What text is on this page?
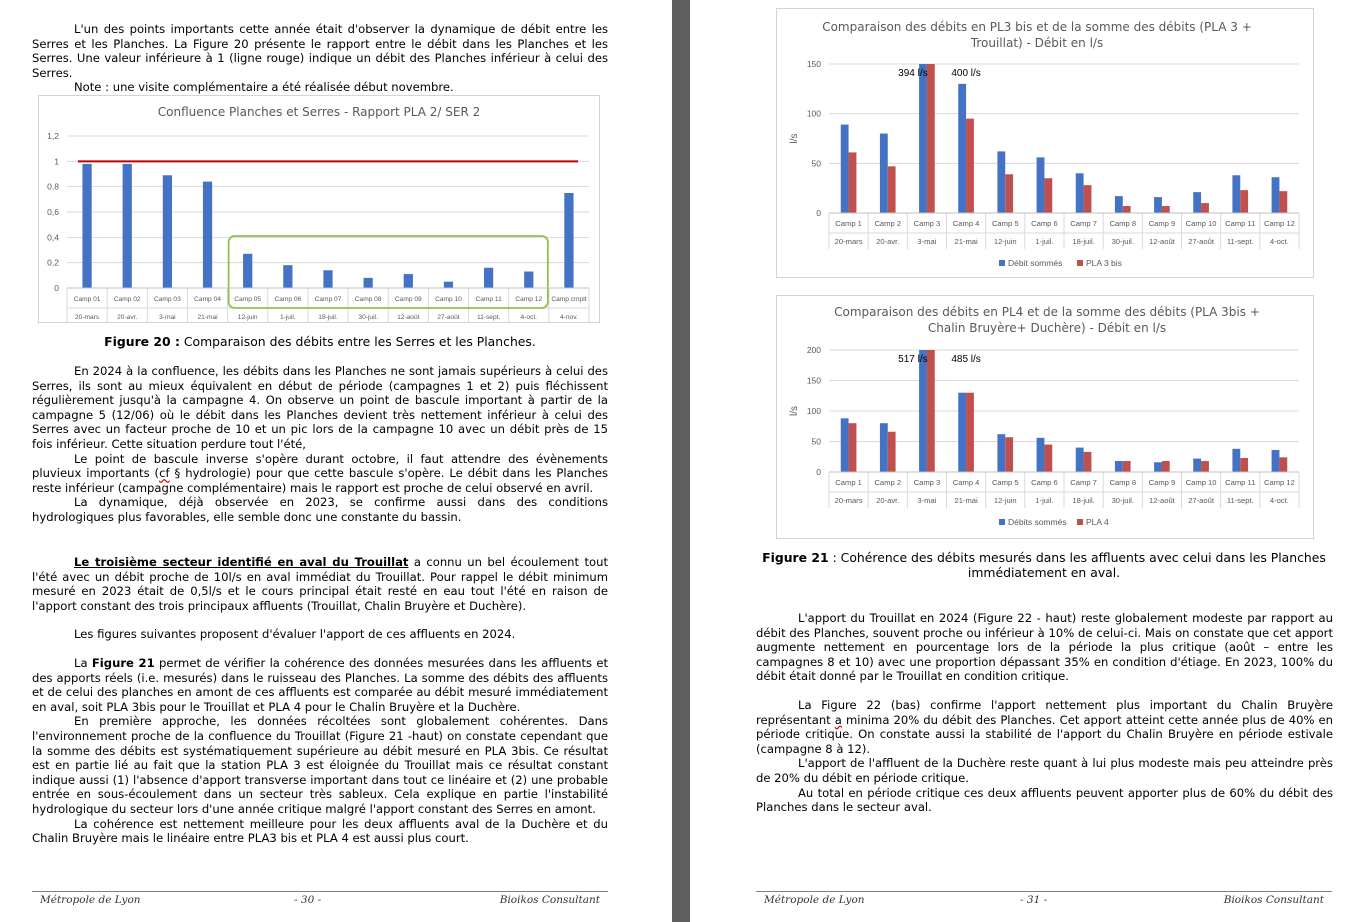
L'un des points importants cette année était d'observer la dynamique de débit entre les Serres et les Planches. La Figure 20 présente le rapport entre le débit dans les Planches et les Serres. Une valeur inférieure à 1 (ligne rouge) indique un débit des Planches inférieur à celui des Serres.

Note : une visite complémentaire a été réalisée début novembre.

Confluence Planches et Serres - Rapport PLA 2/ SER 2
0
0,2
0,4
0,6
0,8
1
1,2
Camp 01
20-mars
Camp 02
20-avr.
Camp 03
3-mai
Camp 04
21-mai
Camp 05
12-juin
Camp 06
1-juil.
Camp 07
18-juil.
Camp 08
30-juil.
Camp 09
12-août
Camp 10
27-août
Camp 11
11-sept.
Camp 12
4-oct.
Camp cmplt
4-nov.
Figure 20 : Comparaison des débits entre les Serres et les Planches.

En 2024 à la confluence, les débits dans les Planches ne sont jamais supérieurs à celui des Serres, ils sont au mieux équivalent en début de période (campagnes 1 et 2) puis fléchissent régulièrement jusqu'à la campagne 4. On observe un point de bascule important à partir de la campagne 5 (12/06) où le débit dans les Planches devient très nettement inférieur à celui des Serres avec un facteur proche de 10 et un pic lors de la campagne 10 avec un débit près de 15 fois inférieur. Cette situation perdure tout l'été,

Le point de bascule inverse s'opère durant octobre, il faut attendre des évènements pluvieux importants (cf § hydrologie) pour que cette bascule s'opère. Le débit dans les Planches reste inférieur (campagne complémentaire) mais le rapport est proche de celui observé en avril.

La dynamique, déjà observée en 2023, se confirme aussi dans des conditions hydrologiques plus favorables, elle semble donc une constante du bassin.

Le troisième secteur identifié en aval du Trouillat a connu un bel écoulement tout l'été avec un débit proche de 10l/s en aval immédiat du Trouillat. Pour rappel le débit minimum mesuré en 2023 était de 0,5l/s et le cours principal était resté en eau tout l'été en raison de l'apport constant des trois principaux affluents (Trouillat, Chalin Bruyère et Duchère).

Les figures suivantes proposent d'évaluer l'apport de ces affluents en 2024.

La Figure 21 permet de vérifier la cohérence des données mesurées dans les affluents et des apports réels (i.e. mesurés) dans le ruisseau des Planches. La somme des débits des affluents et de celui des planches en amont de ces affluents est comparée au débit mesuré immédiatement en aval, soit PLA 3bis pour le Trouillat et PLA 4 pour le Chalin Bruyère et la Duchère.

En première approche, les données récoltées sont globalement cohérentes. Dans l'environnement proche de la confluence du Trouillat (Figure 21 -haut) on constate cependant que la somme des débits est systématiquement supérieure au débit mesuré en PLA 3bis. Ce résultat est en partie lié au fait que la station PLA 3 est éloignée du Trouillat mais ce résultat constant indique aussi (1) l'absence d'apport transverse important dans tout ce linéaire et (2) une probable entrée en sous-écoulement dans un secteur très sableux. Cela explique en partie l'instabilité hydrologique du secteur lors d'une année critique malgré l'apport constant des Serres en amont.

La cohérence est nettement meilleure pour les deux affluents aval de la Duchère et du Chalin Bruyère mais le linéaire entre PLA3 bis et PLA 4 est aussi plus court.

Métropole de Lyon	- 30 -	Bioikos Consultant
Comparaison des débits en PL3 bis et de la somme des débits (PLA 3 + Trouillat) - Débit en l/s
0
50
100
150
Camp 1
20-mars
Camp 2
20-avr.
Camp 3
3-mai
Camp 4
21-mai
Camp 5
12-juin
Camp 6
1-juil.
Camp 7
18-juil.
Camp 8
30-juil.
Camp 9
12-août
Camp 10
27-août
Camp 11
11-sept.
Camp 12
4-oct.
394 l/s 400 l/s
l/s
Débit sommés	PLA 3 bis
Comparaison des débits en PL4 et de la somme des débits (PLA 3bis + Chalin Bruyère+ Duchère) - Débit en l/s
0
50
100
150
200
Camp 1
20-mars
Camp 2
20-avr.
Camp 3
3-mai
Camp 4
21-mai
Camp 5
12-juin
Camp 6
1-juil.
Camp 7
18-juil.
Camp 8
30-juil.
Camp 9
12-août
Camp 10
27-août
Camp 11
11-sept.
Camp 12
4-oct.
517 l/s 485 l/s
l/s
Débits sommés PLA 4
Figure 21 : Cohérence des débits mesurés dans les affluents avec celui dans les Planches immédiatement en aval.

L'apport du Trouillat en 2024 (Figure 22 - haut) reste globalement modeste par rapport au débit des Planches, souvent proche ou inférieur à 10% de celui-ci. Mais on constate que cet apport augmente nettement en pourcentage lors de la période la plus critique (août – entre les campagnes 8 et 10) avec une proportion dépassant 35% en condition d'étiage. En 2023, 100% du débit était donné par le Trouillat en condition critique.

La Figure 22 (bas) confirme l'apport nettement plus important du Chalin Bruyère représentant a minima 20% du débit des Planches. Cet apport atteint cette année plus de 40% en période critique. On constate aussi la stabilité de l'apport du Chalin Bruyère en période estivale (campagne 8 à 12).

L'apport de l'affluent de la Duchère reste quant à lui plus modeste mais peu atteindre près de 20% du débit en période critique.

Au total en période critique ces deux affluents peuvent apporter plus de 60% du débit des Planches dans le secteur aval.

Métropole de Lyon	- 31 -	Bioikos Consultant
